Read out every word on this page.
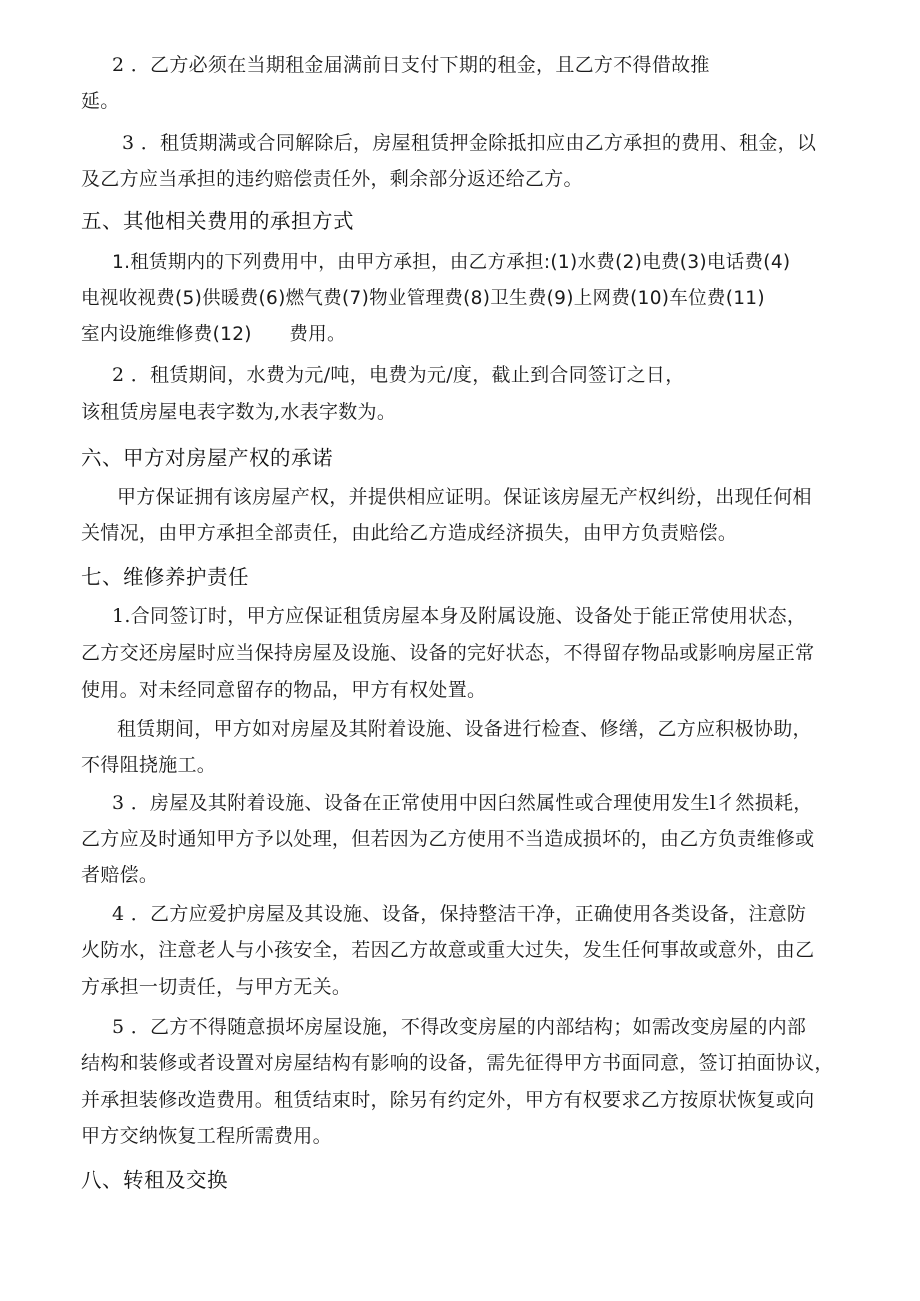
2 ．乙方必须在当期租金届满前日支付下期的租金，且乙方不得借故推
延。
3 ．租赁期满或合同解除后，房屋租赁押金除抵扣应由乙方承担的费用、租金，以
及乙方应当承担的违约赔偿责任外，剩余部分返还给乙方。
五、其他相关费用的承担方式
1.租赁期内的下列费用中，由甲方承担，由乙方承担:(1)水费(2)电费(3)电话费(4)
电视收视费(5)供暖费(6)燃气费(7)物业管理费(8)卫生费(9)上网费(10)车位费(11)
室内设施维修费(12)　　费用。
2 ．租赁期间，水费为元/吨，电费为元/度，截止到合同签订之日，
该租赁房屋电表字数为,水表字数为。
六、甲方对房屋产权的承诺
甲方保证拥有该房屋产权，并提供相应证明。保证该房屋无产权纠纷，出现任何相
关情况，由甲方承担全部责任，由此给乙方造成经济损失，由甲方负责赔偿。
七、维修养护责任
1.合同签订时，甲方应保证租赁房屋本身及附属设施、设备处于能正常使用状态，
乙方交还房屋时应当保持房屋及设施、设备的完好状态，不得留存物品或影响房屋正常
使用。对未经同意留存的物品，甲方有权处置。
租赁期间，甲方如对房屋及其附着设施、设备进行检查、修缮，乙方应积极协助，
不得阻挠施工。
3 ．房屋及其附着设施、设备在正常使用中因臼然属性或合理使用发生l彳然损耗，
乙方应及时通知甲方予以处理，但若因为乙方使用不当造成损坏的，由乙方负责维修或
者赔偿。
4 ．乙方应爱护房屋及其设施、设备，保持整洁干净，正确使用各类设备，注意防
火防水，注意老人与小孩安全，若因乙方故意或重大过失，发生任何事故或意外，由乙
方承担一切责任，与甲方无关。
5 ．乙方不得随意损坏房屋设施，不得改变房屋的内部结构；如需改变房屋的内部
结构和装修或者设置对房屋结构有影响的设备，需先征得甲方书面同意，签订拍面协议，
并承担装修改造费用。租赁结束时，除另有约定外，甲方有权要求乙方按原状恢复或向
甲方交纳恢复工程所需费用。
八、转租及交换
